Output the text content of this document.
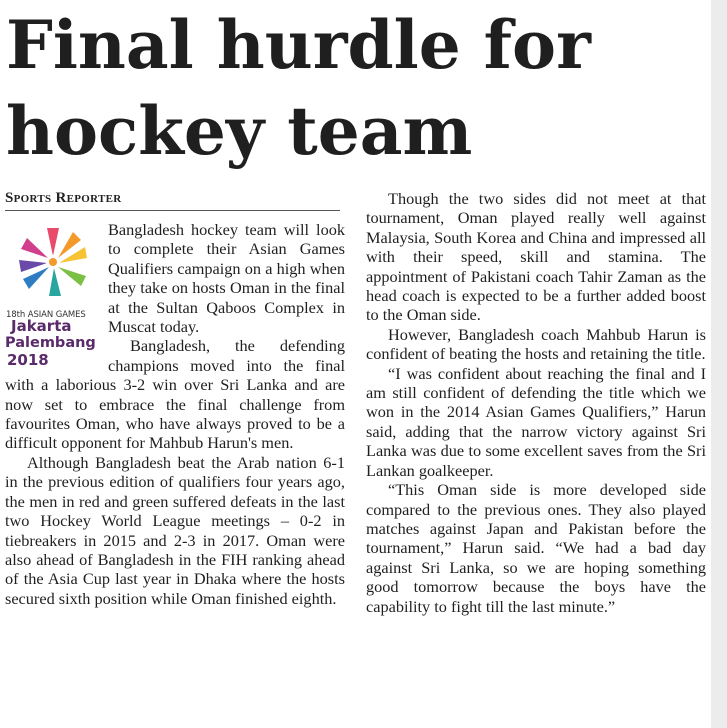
Final hurdle for hockey team
Sports Reporter
18th ASIAN GAMES
Jakarta
Palembang
2018

Bangladesh hockey team will look to complete their Asian Games Qualifiers campaign on a high when they take on hosts Oman in the final at the Sultan Qaboos Complex in Muscat today.

Bangladesh, the defending champions moved into the final with a laborious 3-2 win over Sri Lanka and are now set to embrace the final challenge from favourites Oman, who have always proved to be a difficult opponent for Mahbub Harun's men.

Although Bangladesh beat the Arab nation 6-1 in the previous edition of qualifiers four years ago, the men in red and green suffered defeats in the last two Hockey World League meetings – 0-2 in tiebreakers in 2015 and 2-3 in 2017. Oman were also ahead of Bangladesh in the FIH ranking ahead of the Asia Cup last year in Dhaka where the hosts secured sixth position while Oman finished eighth.

Though the two sides did not meet at that tournament, Oman played really well against Malaysia, South Korea and China and impressed all with their speed, skill and stamina. The appointment of Pakistani coach Tahir Zaman as the head coach is expected to be a further added boost to the Oman side.

However, Bangladesh coach Mahbub Harun is confident of beating the hosts and retaining the title.

“I was confident about reaching the final and I am still confident of defending the title which we won in the 2014 Asian Games Qualifiers,” Harun said, adding that the narrow victory against Sri Lanka was due to some excellent saves from the Sri Lankan goalkeeper.

“This Oman side is more developed side compared to the previous ones. They also played matches against Japan and Pakistan before the tournament,” Harun said. “We had a bad day against Sri Lanka, so we are hoping something good tomorrow because the boys have the capability to fight till the last minute.”
